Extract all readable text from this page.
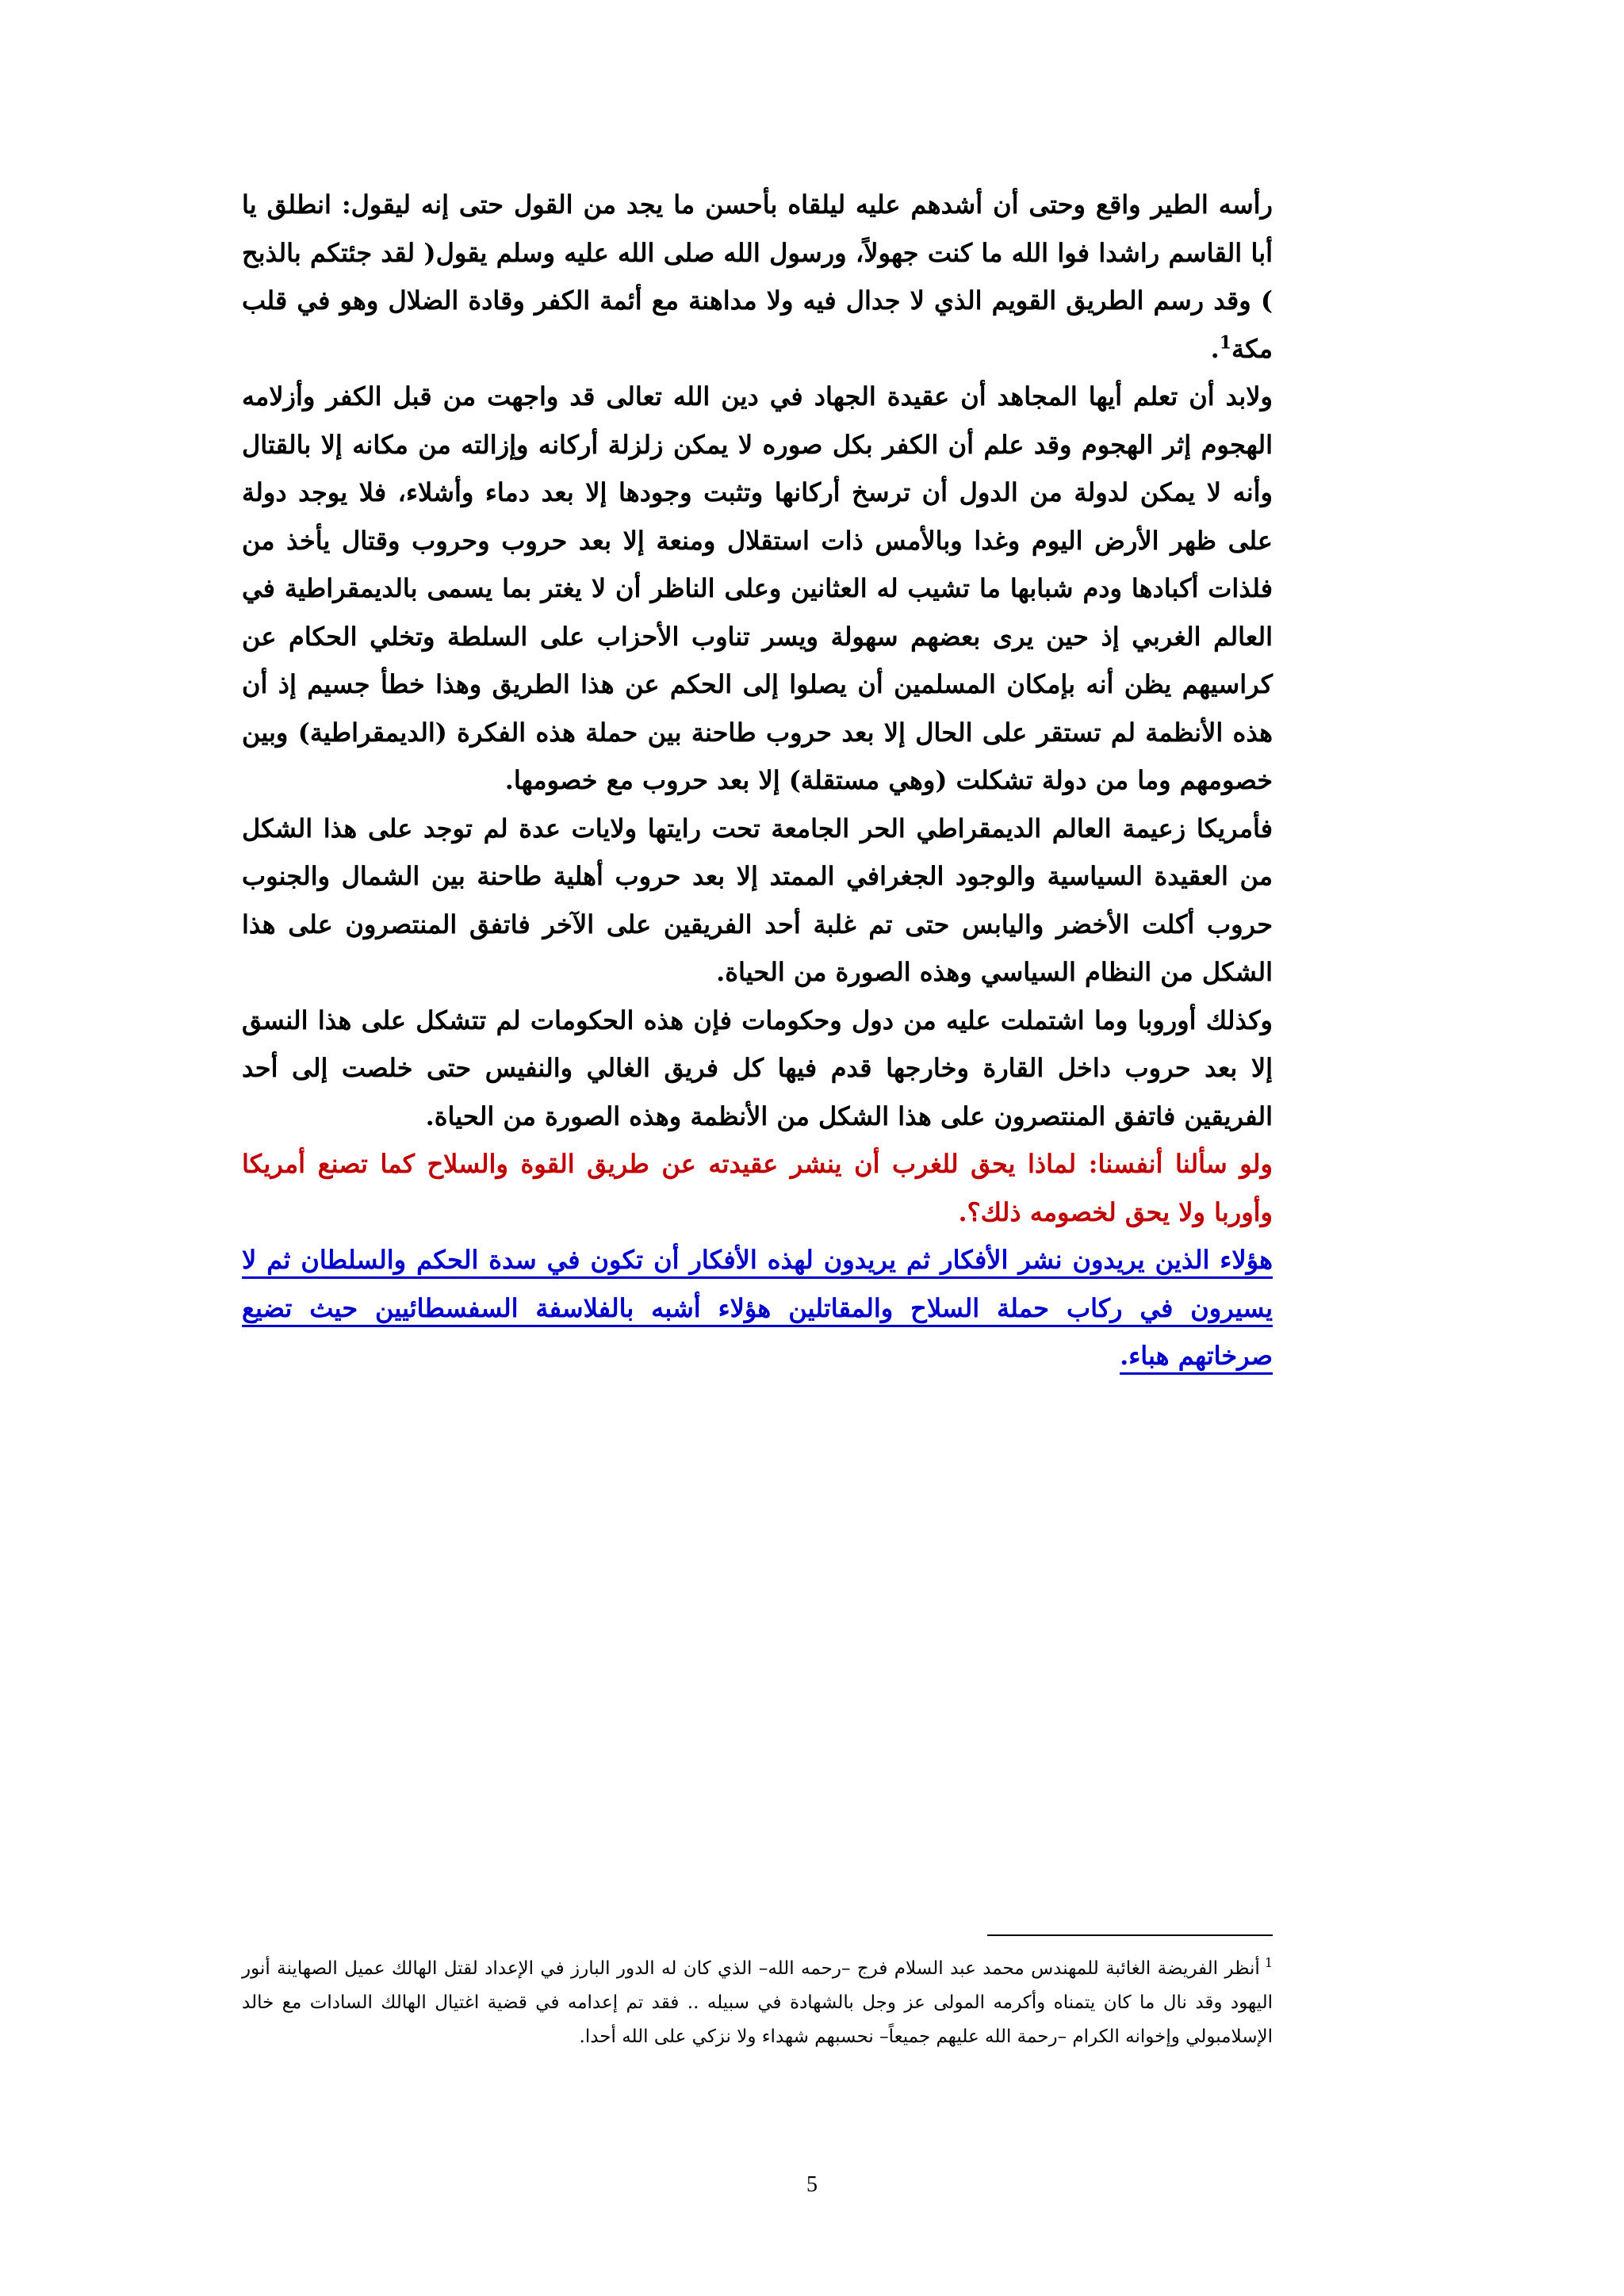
رأسه الطير واقع وحتى أن أشدهم عليه ليلقاه بأحسن ما يجد من القول حتى إنه ليقول: انطلق يا أبا القاسم راشدا فوا الله ما كنت جهولاً، ورسول الله صلى الله عليه وسلم يقول( لقد جئتكم بالذبح ) وقد رسم الطريق القويم الذي لا جدال فيه ولا مداهنة مع أئمة الكفر وقادة الضلال وهو في قلب مكة$^1$.

ولابد أن تعلم أيها المجاهد أن عقيدة الجهاد في دين الله تعالى قد واجهت من قبل الكفر وأزلامه الهجوم إثر الهجوم وقد علم أن الكفر بكل صوره لا يمكن زلزلة أركانه وإزالته من مكانه إلا بالقتال وأنه لا يمكن لدولة من الدول أن ترسخ أركانها وتثبت وجودها إلا بعد دماء وأشلاء، فلا يوجد دولة على ظهر الأرض اليوم وغدا وبالأمس ذات استقلال ومنعة إلا بعد حروب وحروب وقتال يأخذ من فلذات أكبادها ودم شبابها ما تشيب له العثانين وعلى الناظر أن لا يغتر بما يسمى بالديمقراطية في العالم الغربي إذ حين يرى بعضهم سهولة ويسر تناوب الأحزاب على السلطة وتخلي الحكام عن كراسيهم يظن أنه بإمكان المسلمين أن يصلوا إلى الحكم عن هذا الطريق وهذا خطأ جسيم إذ أن هذه الأنظمة لم تستقر على الحال إلا بعد حروب طاحنة بين حملة هذه الفكرة (الديمقراطية) وبين خصومهم وما من دولة تشكلت (وهي مستقلة) إلا بعد حروب مع خصومها.

فأمريكا زعيمة العالم الديمقراطي الحر الجامعة تحت رايتها ولايات عدة لم توجد على هذا الشكل من العقيدة السياسية والوجود الجغرافي الممتد إلا بعد حروب أهلية طاحنة بين الشمال والجنوب حروب أكلت الأخضر واليابس حتى تم غلبة أحد الفريقين على الآخر فاتفق المنتصرون على هذا الشكل من النظام السياسي وهذه الصورة من الحياة.

وكذلك أوروبا وما اشتملت عليه من دول وحكومات فإن هذه الحكومات لم تتشكل على هذا النسق إلا بعد حروب داخل القارة وخارجها قدم فيها كل فريق الغالي والنفيس حتى خلصت إلى أحد الفريقين فاتفق المنتصرون على هذا الشكل من الأنظمة وهذه الصورة من الحياة.

ولو سألنا أنفسنا: لماذا يحق للغرب أن ينشر عقيدته عن طريق القوة والسلاح كما تصنع أمريكا وأوربا ولا يحق لخصومه ذلك؟.

هؤلاء الذين يريدون نشر الأفكار ثم يريدون لهذه الأفكار أن تكون في سدة الحكم والسلطان ثم لا يسيرون في ركاب حملة السلاح والمقاتلين هؤلاء أشبه بالفلاسفة السفسطائيين حيث تضيع صرخاتهم هباء.

$^1$أنظر الفريضة الغائبة للمهندس محمد عبد السلام فرج –رحمه الله– الذي كان له الدور البارز في الإعداد لقتل الهالك عميل الصهاينة أنور اليهود وقد نال ما كان يتمناه وأكرمه المولى عز وجل بالشهادة في سبيله .. فقد تم إعدامه في قضية اغتيال الهالك السادات مع خالد الإسلامبولي وإخوانه الكرام –رحمة الله عليهم جميعاً– نحسبهم شهداء ولا نزكي على الله أحدا.
5
